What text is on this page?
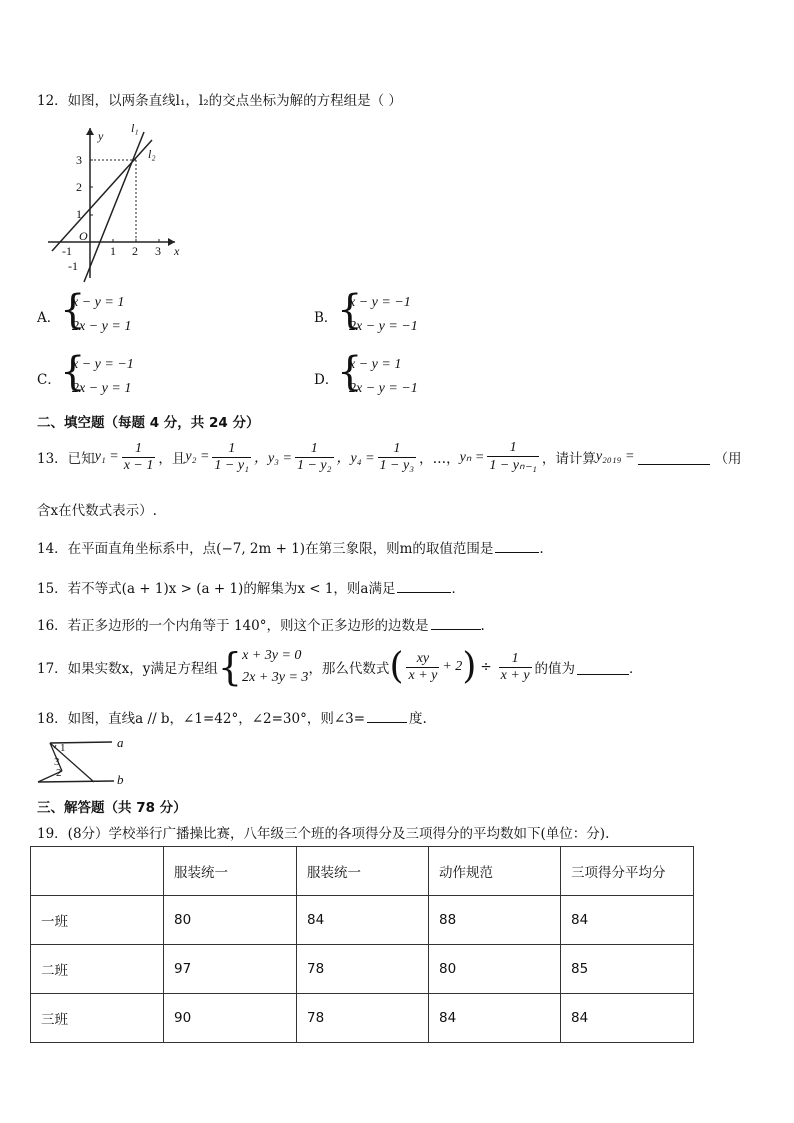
12．如图，以两条直线l₁，l₂的交点坐标为解的方程组是（ ）
y
x
O
-1	1 2 3
3
2
1
-1
l₁
l₂
A． {
x − y = 1
2x − y = 1
B． {
x − y = −1
2x − y = −1
C． {
x − y = −1
2x − y = 1
D．
{
x − y = 1
2x − y = −1
二、填空题（每题 4 分，共 24 分）
13．已知 $y_1 = \frac{1}{x - 1}$ ，且 $y_2 = \frac{1}{\text{1 − y₁}}$ ，$y_3 = \frac{1}{\text{1 − y₂}}$ ，$y_4 = \frac{1}{\text{1 − y₃}}$ ，…， $y_n = \frac{1}{\text{1 − yₙ₋₁}}$ ，请计算 y₂₀₁₉ =	（用
含x在代数式表示）.
14．在平面直角坐标系中，点(−7, 2m + 1)在第三象限，则m的取值范围是	.
15．若不等式(a + 1)x > (a + 1)的解集为x < 1，则a满足	．
16．若正多边形的一个内角等于 140°，则这个正多边形的边数是	.
17．如果实数x，y满足方程组 { x + 3y = 0
2x + 3y = 3
，那么代数式 ( $\frac{xy}{x + y} + 2$ ) ÷ $\frac{1}{x + y}$ 的值为	．
18．如图，直线a // b，∠1=42°，∠2=30°，则∠3=	度.
a
b
1
2
3
三、解答题（共 78 分）
19．(8分）学校举行广播操比赛，八年级三个班的各项得分及三项得分的平均数如下(单位：分).
	服装统一	服装统一	动作规范	三项得分平均分
一班	80	84	88	84
二班	97	78	80	85
三班	90	78	84	84
